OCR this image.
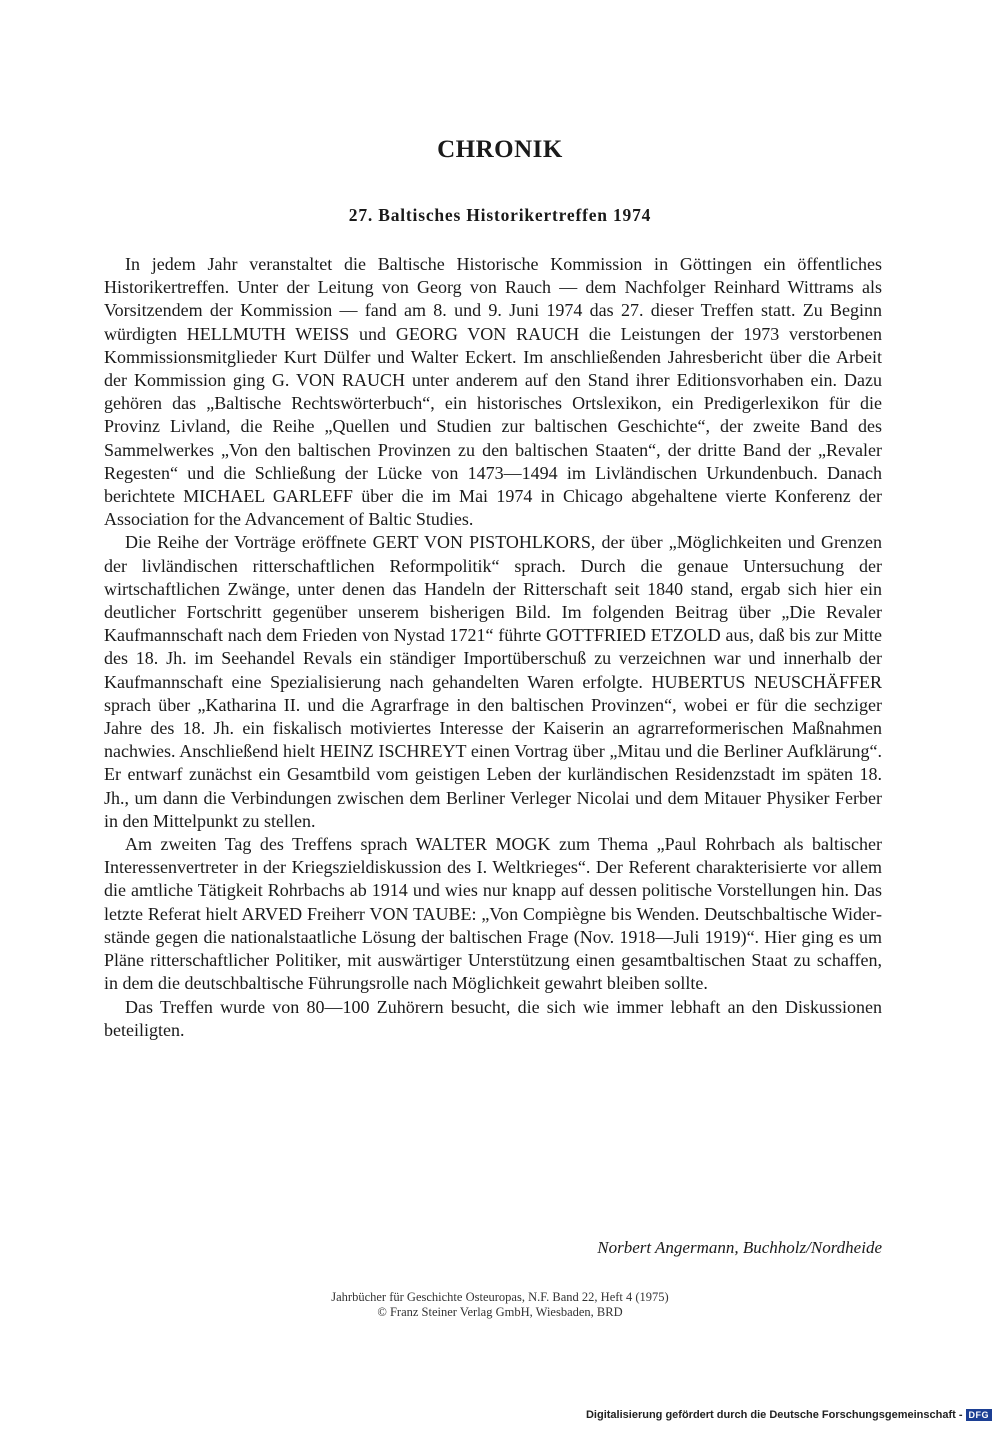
CHRONIK
27. Baltisches Historikertreffen 1974

In jedem Jahr veranstaltet die Baltische Historische Kommission in Göttingen ein öffentliches Historikertreffen. Unter der Leitung von Georg von Rauch — dem Nachfolger Reinhard Wittrams als Vorsitzendem der Kommission — fand am 8. und 9. Juni 1974 das 27. dieser Treffen statt. Zu Beginn würdigten HELLMUTH WEISS und GEORG VON RAUCH die Leistungen der 1973 verstorbenen Kommissionsmitglieder Kurt Dülfer und Walter Eckert. Im anschließenden Jahresbericht über die Arbeit der Kommission ging G. VON RAUCH unter anderem auf den Stand ihrer Editionsvorhaben ein. Dazu gehören das „Baltische Rechtswörterbuch“, ein historisches Ortslexikon, ein Predigerlexikon für die Provinz Livland, die Reihe „Quellen und Studien zur baltischen Geschichte“, der zweite Band des Sammelwerkes „Von den baltischen Provinzen zu den baltischen Staaten“, der dritte Band der „Revaler Regesten“ und die Schließung der Lücke von 1473—1494 im Livländischen Urkundenbuch. Danach berichtete MICHAEL GARLEFF über die im Mai 1974 in Chicago abgehaltene vierte Konferenz der Association for the Advancement of Baltic Studies.

Die Reihe der Vorträge eröffnete GERT VON PISTOHLKORS, der über „Möglichkeiten und Grenzen der livländischen ritterschaftlichen Reformpolitik“ sprach. Durch die genaue Untersuchung der wirtschaftlichen Zwänge, unter denen das Handeln der Ritterschaft seit 1840 stand, ergab sich hier ein deutlicher Fortschritt gegenüber unserem bisherigen Bild. Im folgenden Beitrag über „Die Revaler Kaufmannschaft nach dem Frieden von Nystad 1721“ führte GOTTFRIED ETZOLD aus, daß bis zur Mitte des 18. Jh. im Seehandel Revals ein ständiger Importüberschuß zu verzeichnen war und innerhalb der Kaufmannschaft eine Spezialisierung nach gehandelten Waren erfolgte. HUBERTUS NEUSCHÄFFER sprach über „Katharina II. und die Agrarfrage in den baltischen Provinzen“, wobei er für die sechziger Jahre des 18. Jh. ein fiskalisch motiviertes Interesse der Kaiserin an agrarreformerischen Maßnahmen nachwies. Anschließend hielt HEINZ ISCHREYT einen Vortrag über „Mitau und die Berliner Aufklärung“. Er entwarf zunächst ein Gesamtbild vom geistigen Leben der kurländischen Residenzstadt im späten 18. Jh., um dann die Verbindungen zwischen dem Berliner Verleger Nicolai und dem Mitauer Physiker Ferber in den Mittelpunkt zu stellen.

Am zweiten Tag des Treffens sprach WALTER MOGK zum Thema „Paul Rohrbach als baltischer Interessenvertreter in der Kriegszieldiskussion des I. Weltkrieges“. Der Referent charakterisierte vor allem die amtliche Tätigkeit Rohrbachs ab 1914 und wies nur knapp auf dessen politische Vorstellungen hin. Das letzte Referat hielt ARVED Freiherr VON TAUBE: „Von Compiègne bis Wenden. Deutschbaltische Widerstände gegen die nationalstaatliche Lösung der baltischen Frage (Nov. 1918—Juli 1919)“. Hier ging es um Pläne ritterschaftlicher Politiker, mit auswärtiger Unterstützung einen gesamtbaltischen Staat zu schaffen, in dem die deutschbaltische Führungsrolle nach Möglichkeit gewahrt bleiben sollte.

Das Treffen wurde von 80—100 Zuhörern besucht, die sich wie immer lebhaft an den Diskussionen beteiligten.

Norbert Angermann, Buchholz/Nordheide

Jahrbücher für Geschichte Osteuropas, N.F. Band 22, Heft 4 (1975)
© Franz Steiner Verlag GmbH, Wiesbaden, BRD
Digitalisierung gefördert durch die Deutsche Forschungsgemeinschaft - DFG
